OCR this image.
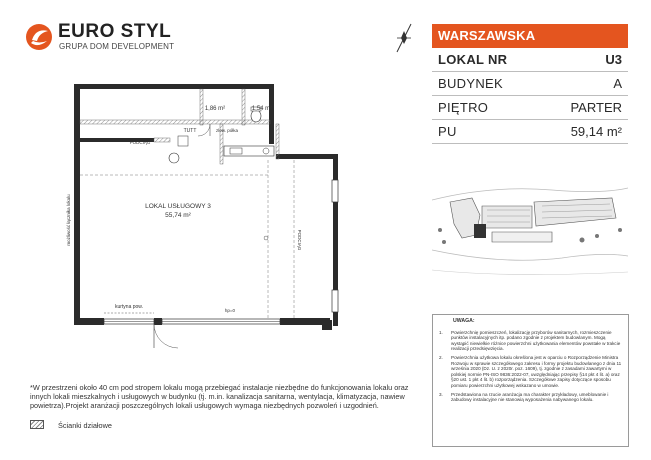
EURO STYL
GRUPA DOM DEVELOPMENT
WARSZAWSKA
LOKAL NR	U3
BUDYNEK	A
PIĘTRO	PARTER
PU	59,14 m²
UWAGA:
1.	Powierzchnię pomieszczeń, lokalizację przyborów sanitarnych, rozmieszczenie punktów instalacyjnych itp. podano zgodnie z projektem budowlanym. Mogą wystąpić niewielkie różnice powierzchni użytkowania elementów powstałe w trakcie realizacji przedsięwzięcia.
2.	Powierzchnia użytkowa lokalu określona jest w oparciu o Rozporządzenie Ministra Rozwoju w sprawie szczegółowego zakresu i formy projektu budowlanego z dnia 11 września 2020 (Dz. U. z 2020r. poz. 1609), tj. zgodnie z zasadami zawartymi w polskiej normie PN-ISO 9836:2022-07, uwzględniając przepisy §14 pkt 4 lit. a) oraz §20 ust. 1 pkt 4 lit. b) rozporządzenia. Szczegółowe zapisy dotyczące sposobu pomiaru powierzchni użytkowej wskazano w umowie.
3.	Przedstawiona na rzucie aranżacja ma charakter przykładowy, umeblowanie i zabudowy instalacyjne nie stanowią wyposażenia nabywanego lokalu.
*W przestrzeni około 40 cm pod stropem lokalu mogą przebiegać instalacje niezbędne do funkcjonowania lokalu oraz innych lokali mieszkalnych i usługowych w budynku (tj. m.in. kanalizacja sanitarna, wentylacja, klimatyzacja, nawiew powietrza).Projekt aranżacji poszczególnych lokali usługowych wymaga niezbędnych pozwoleń i uzgodnień.
Ścianki działowe
LOKAL USŁUGOWY 3
55,74 m²
1,86 m²	1,54 m²
TUTT	zlew. półka
PODCIĄG
PODCIĄG
możliwość łącznika lokalu
kurtyna pow.
hp=0
